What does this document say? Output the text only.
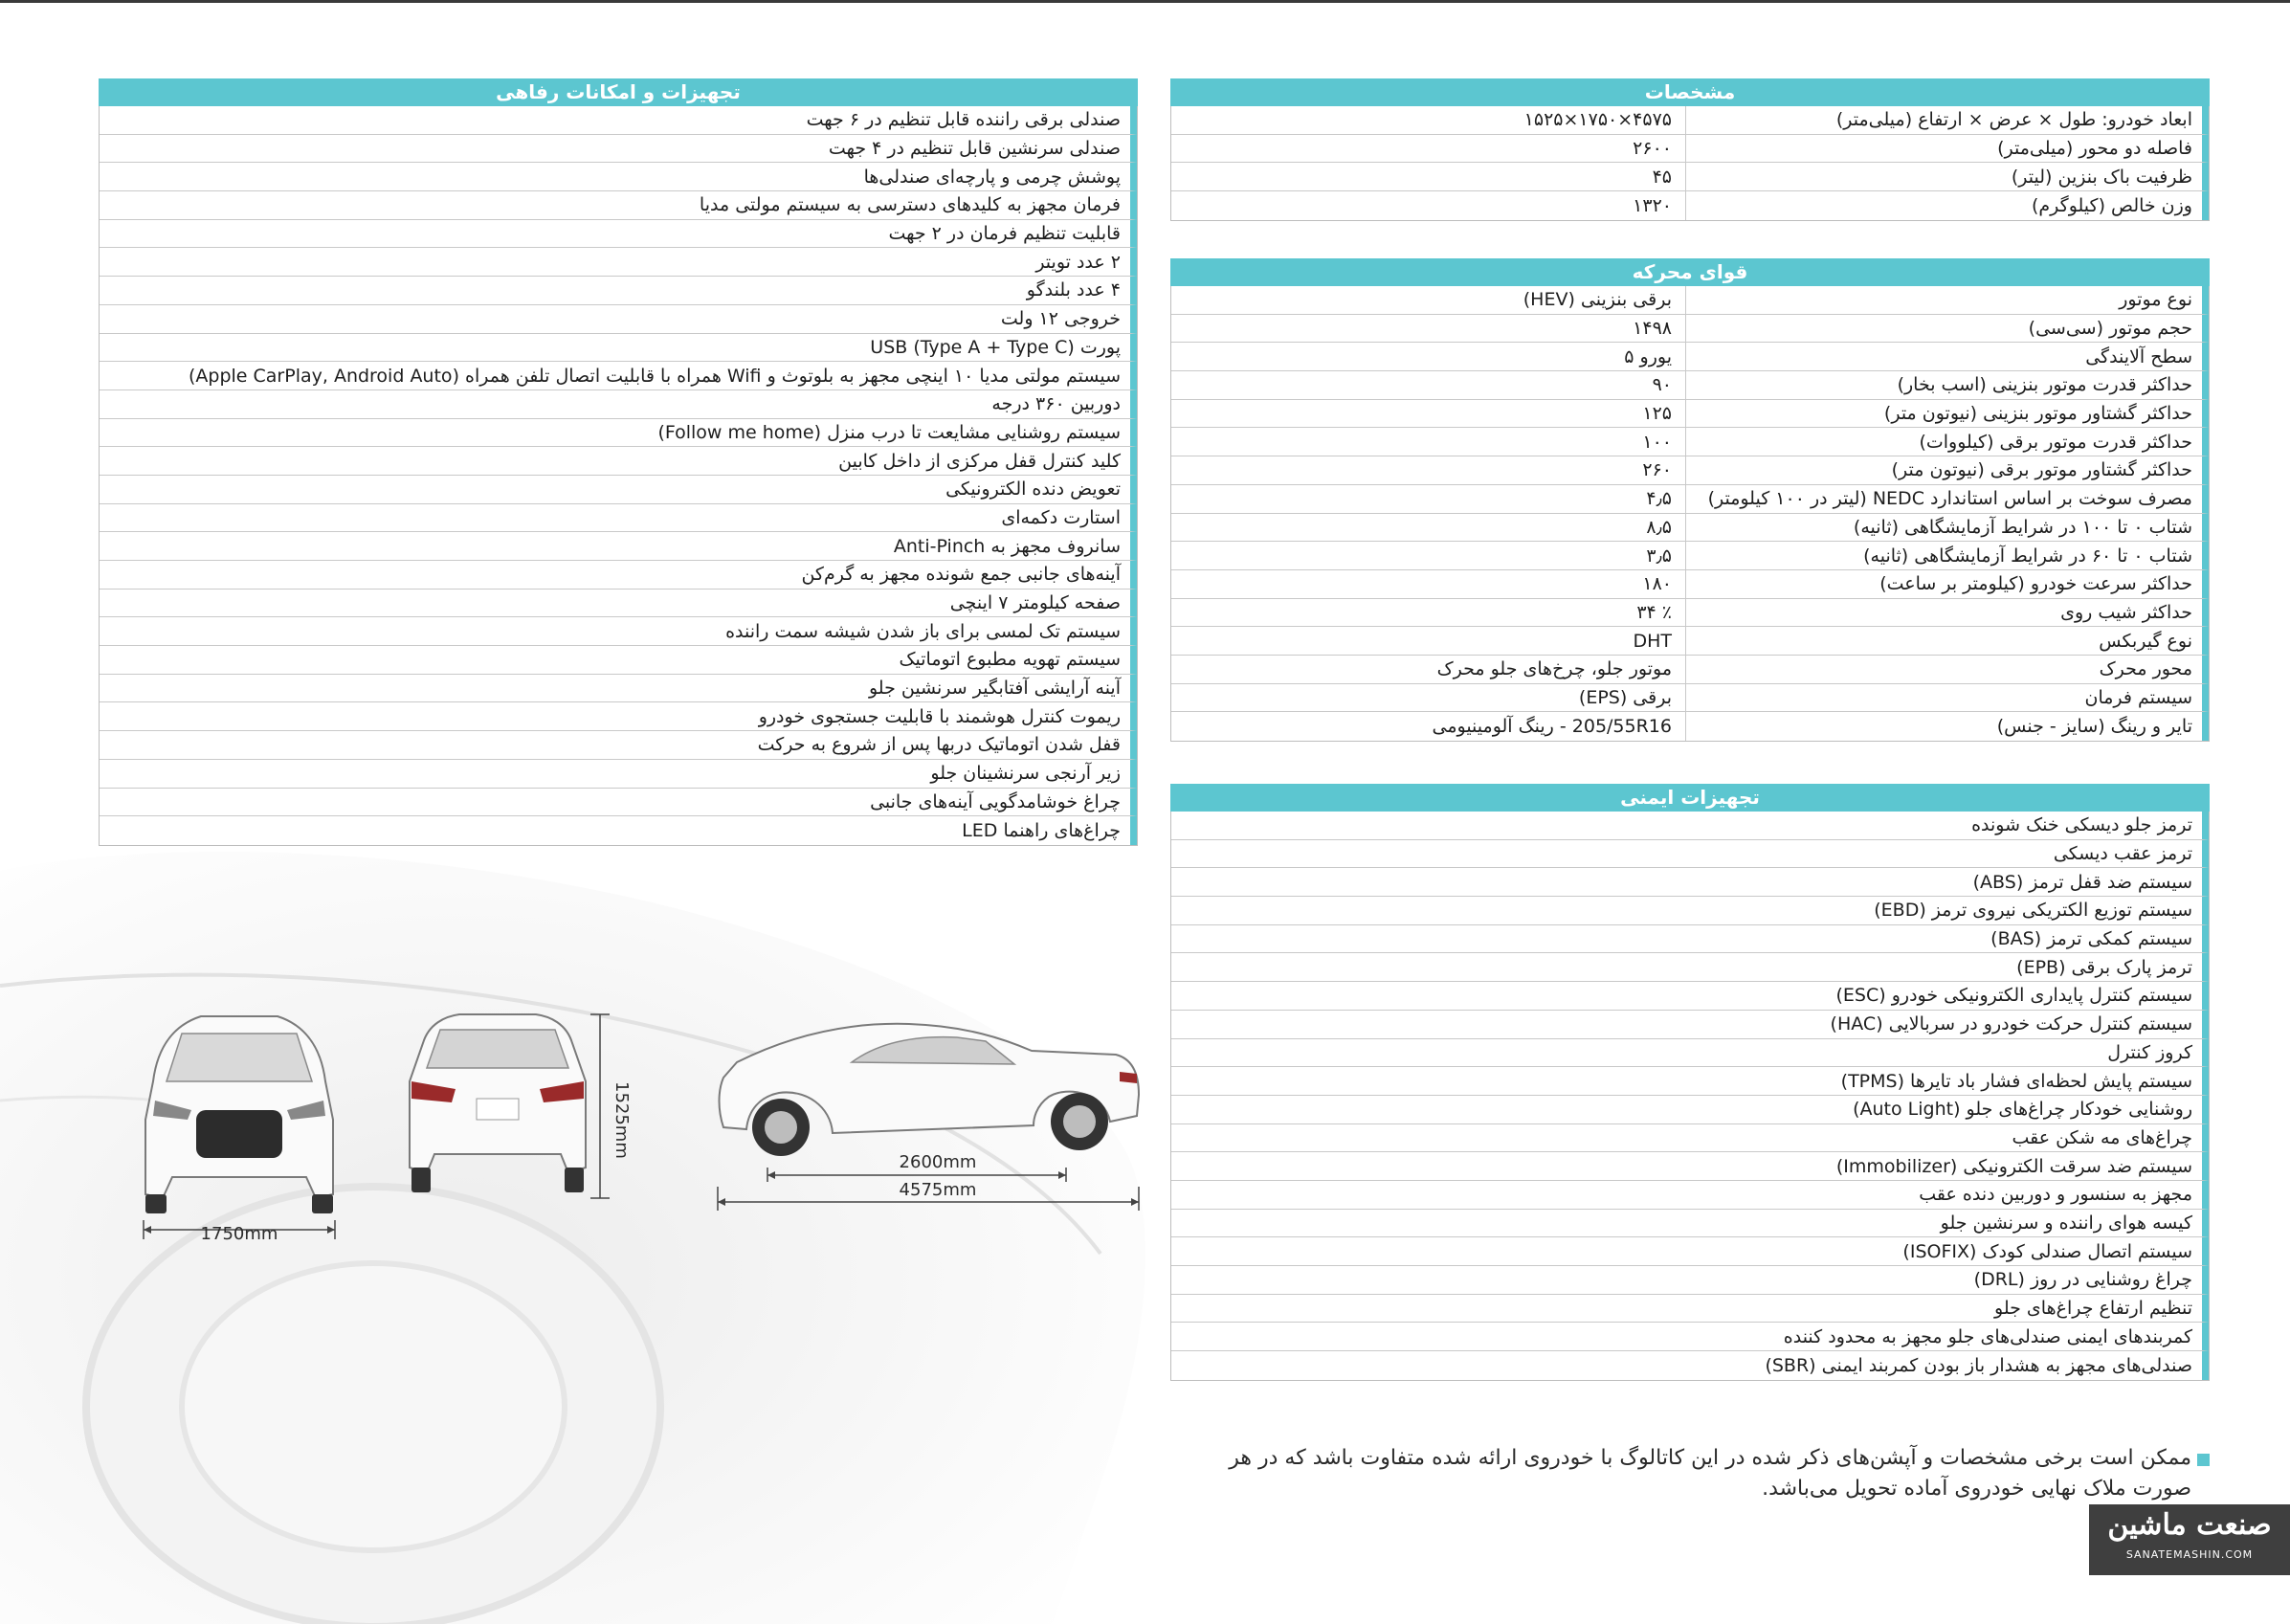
تجهیزات و امکانات رفاهی
صندلی برقی راننده قابل تنظیم در ۶ جهت
صندلی سرنشین قابل تنظیم در ۴ جهت
پوشش چرمی و پارچه‌ای صندلی‌ها
فرمان مجهز به کلیدهای دسترسی به سیستم مولتی مدیا
قابلیت تنظیم فرمان در ۲ جهت
۲ عدد تویتر
۴ عدد بلندگو
خروجی ۱۲ ولت
پورت USB (Type A + Type C)
سیستم مولتی مدیا ۱۰ اینچی مجهز به بلوتوث و Wifi همراه با قابلیت اتصال تلفن همراه (Apple CarPlay, Android Auto)
دوربین ۳۶۰ درجه
سیستم روشنایی مشایعت تا درب منزل (Follow me home)
کلید کنترل قفل مرکزی از داخل کابین
تعویض دنده الکترونیکی
استارت دکمه‌ای
سانروف مجهز به Anti-Pinch
آینه‌های جانبی جمع شونده مجهز به گرم‌کن
صفحه کیلومتر ۷ اینچی
سیستم تک لمسی برای باز شدن شیشه سمت راننده
سیستم تهویه مطبوع اتوماتیک
آینه آرایشی آفتابگیر سرنشین جلو
ریموت کنترل هوشمند با قابلیت جستجوی خودرو
قفل شدن اتوماتیک دربها پس از شروع به حرکت
زیر آرنجی سرنشینان جلو
چراغ خوشامدگویی آینه‌های جانبی
چراغ‌های راهنما LED
مشخصات
ابعاد خودرو: طول × عرض × ارتفاع (میلی‌متر)
۴۵۷۵×۱۷۵۰×۱۵۲۵
فاصله دو محور (میلی‌متر)
۲۶۰۰
ظرفیت باک بنزین (لیتر)
۴۵
وزن خالص (کیلوگرم)
۱۳۲۰
قوای محرکه
نوع موتور
برقی بنزینی (HEV)
حجم موتور (سی‌سی)
۱۴۹۸
سطح آلایندگی
یورو ۵
حداکثر قدرت موتور بنزینی (اسب بخار)
۹۰
حداکثر گشتاور موتور بنزینی (نیوتون متر)
۱۲۵
حداکثر قدرت موتور برقی (کیلووات)
۱۰۰
حداکثر گشتاور موتور برقی (نیوتون متر)
۲۶۰
مصرف سوخت بر اساس استاندارد NEDC (لیتر در ۱۰۰ کیلومتر)
۴٫۵
شتاب ۰ تا ۱۰۰ در شرایط آزمایشگاهی (ثانیه)
۸٫۵
شتاب ۰ تا ۶۰ در شرایط آزمایشگاهی (ثانیه)
۳٫۵
حداکثر سرعت خودرو (کیلومتر بر ساعت)
۱۸۰
حداکثر شیب روی
٪ ۳۴
نوع گیربکس
DHT
محور محرک
موتور جلو، چرخ‌های جلو محرک
سیستم فرمان
برقی (EPS)
تایر و رینگ (سایز - جنس)
205/55R16 - رینگ آلومینیومی
تجهیزات ایمنی
ترمز جلو دیسکی خنک شونده
ترمز عقب دیسکی
سیستم ضد قفل ترمز (ABS)
سیستم توزیع الکتریکی نیروی ترمز (EBD)
سیستم کمکی ترمز (BAS)
ترمز پارک برقی (EPB)
سیستم کنترل پایداری الکترونیکی خودرو (ESC)
سیستم کنترل حرکت خودرو در سربالایی (HAC)
کروز کنترل
سیستم پایش لحظه‌ای فشار باد تایرها (TPMS)
روشنایی خودکار چراغ‌های جلو (Auto Light)
چراغ‌های مه شکن عقب
سیستم ضد سرقت الکترونیکی (Immobilizer)
مجهز به سنسور و دوربین دنده عقب
کیسه هوای راننده و سرنشین جلو
سیستم اتصال صندلی کودک (ISOFIX)
چراغ روشنایی در روز (DRL)
تنظیم ارتفاع چراغ‌های جلو
کمربندهای ایمنی صندلی‌های جلو مجهز به محدود کننده
صندلی‌های مجهز به هشدار باز بودن کمربند ایمنی (SBR)
1750mm
1525mm
2600mm
4575mm
ممکن است برخی مشخصات و آپشن‌های ذکر شده در این کاتالوگ با خودروی ارائه شده متفاوت باشد که در هر صورت ملاک نهایی خودروی آماده تحویل می‌باشد.
صنعت ماشین
SANATEMASHIN.COM
